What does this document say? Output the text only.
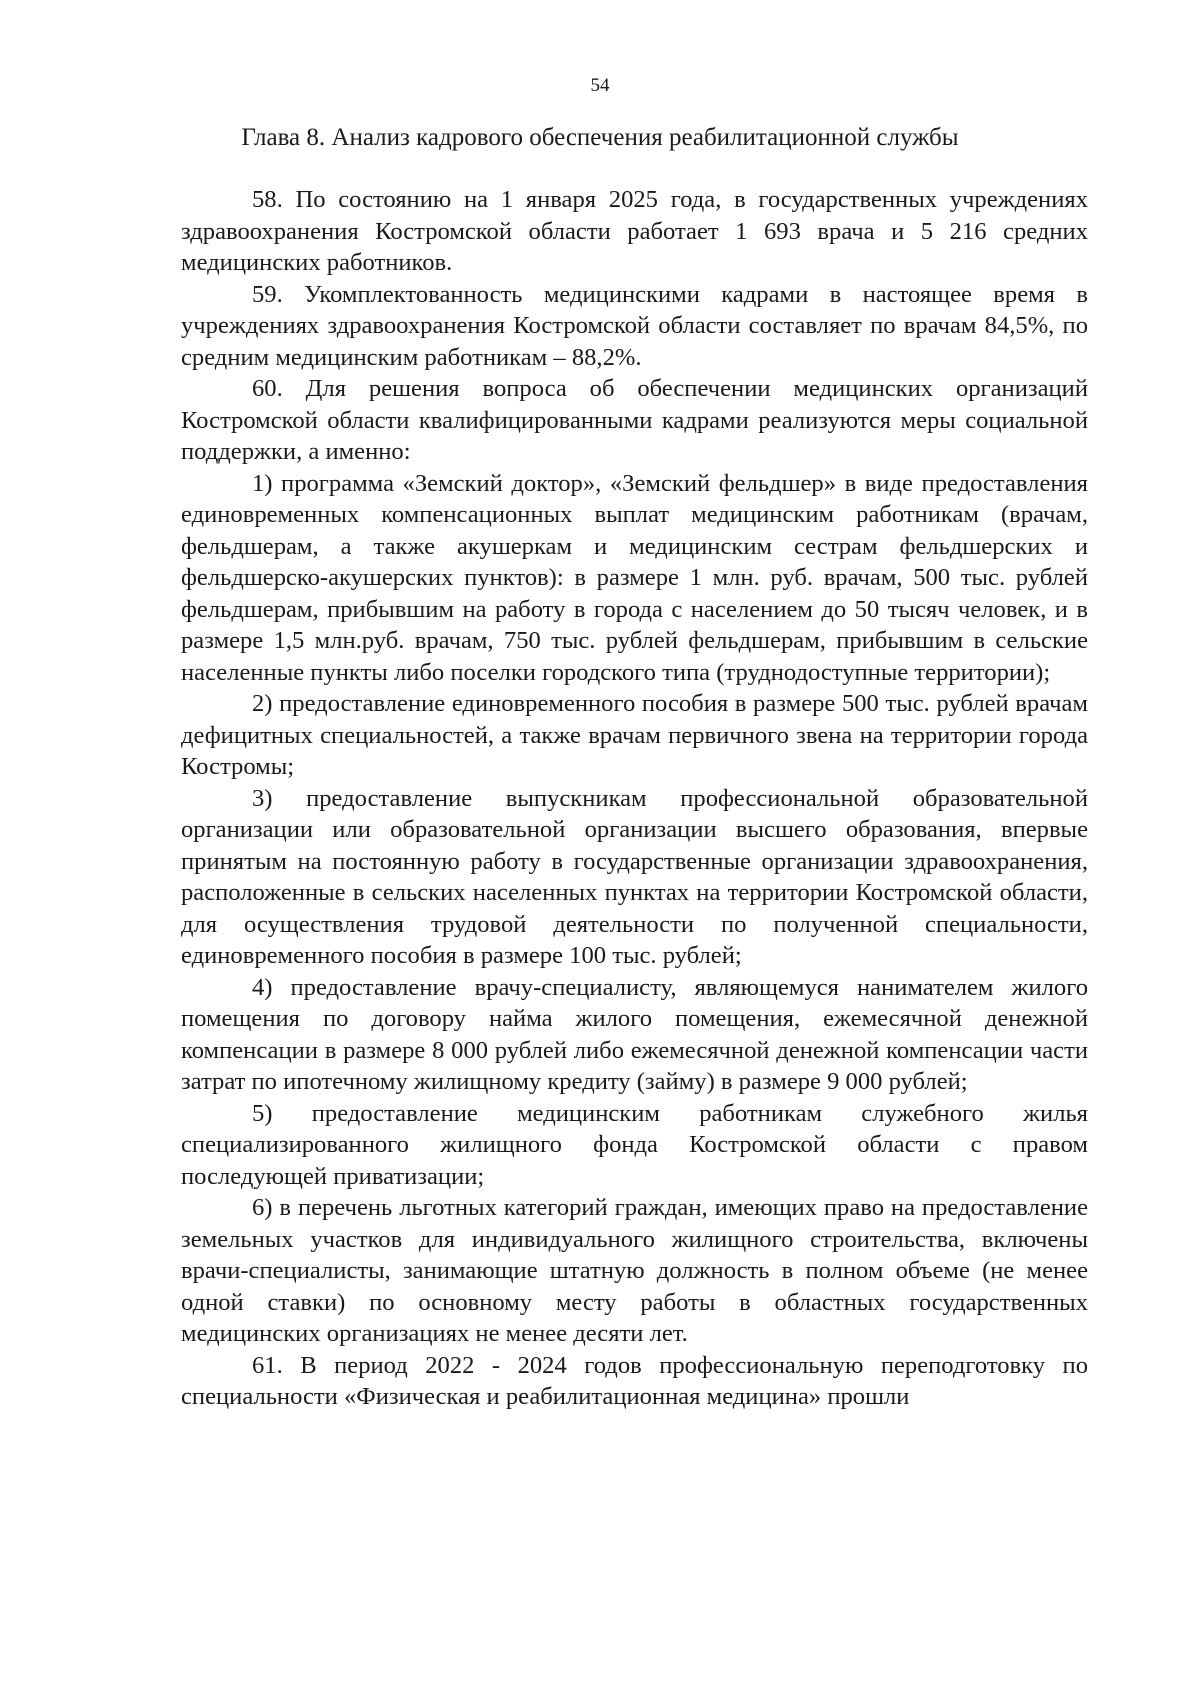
54
Глава 8. Анализ кадрового обеспечения реабилитационной службы

58. По состоянию на 1 января 2025 года, в государственных учреждениях здравоохранения Костромской области работает 1 693 врача и 5 216 средних медицинских работников.

59. Укомплектованность медицинскими кадрами в настоящее время в учреждениях здравоохранения Костромской области составляет по врачам 84,5%, по средним медицинским работникам – 88,2%.

60. Для решения вопроса об обеспечении медицинских организаций Костромской области квалифицированными кадрами реализуются меры социальной поддержки, а именно:

1) программа «Земский доктор», «Земский фельдшер» в виде предоставления единовременных компенсационных выплат медицинским работникам (врачам, фельдшерам, а также акушеркам и медицинским сестрам фельдшерских и фельдшерско-акушерских пунктов): в размере 1 млн. руб. врачам, 500 тыс. рублей фельдшерам, прибывшим на работу в города с населением до 50 тысяч человек, и в размере 1,5 млн.руб. врачам, 750 тыс. рублей фельдшерам, прибывшим в сельские населенные пункты либо поселки городского типа (труднодоступные территории);

2) предоставление единовременного пособия в размере 500 тыс. рублей врачам дефицитных специальностей, а также врачам первичного звена на территории города Костромы;

3) предоставление выпускникам профессиональной образовательной организации или образовательной организации высшего образования, впервые принятым на постоянную работу в государственные организации здравоохранения, расположенные в сельских населенных пунктах на территории Костромской области, для осуществления трудовой деятельности по полученной специальности, единовременного пособия в размере 100 тыс. рублей;

4) предоставление врачу-специалисту, являющемуся нанимателем жилого помещения по договору найма жилого помещения, ежемесячной денежной компенсации в размере 8 000 рублей либо ежемесячной денежной компенсации части затрат по ипотечному жилищному кредиту (займу) в размере 9 000 рублей;

5) предоставление медицинским работникам служебного жилья специализированного жилищного фонда Костромской области с правом последующей приватизации;

6) в перечень льготных категорий граждан, имеющих право на предоставление земельных участков для индивидуального жилищного строительства, включены врачи-специалисты, занимающие штатную должность в полном объеме (не менее одной ставки) по основному месту работы в областных государственных медицинских организациях не менее десяти лет.

61. В период 2022 - 2024 годов профессиональную переподготовку по специальности «Физическая и реабилитационная медицина» прошли
